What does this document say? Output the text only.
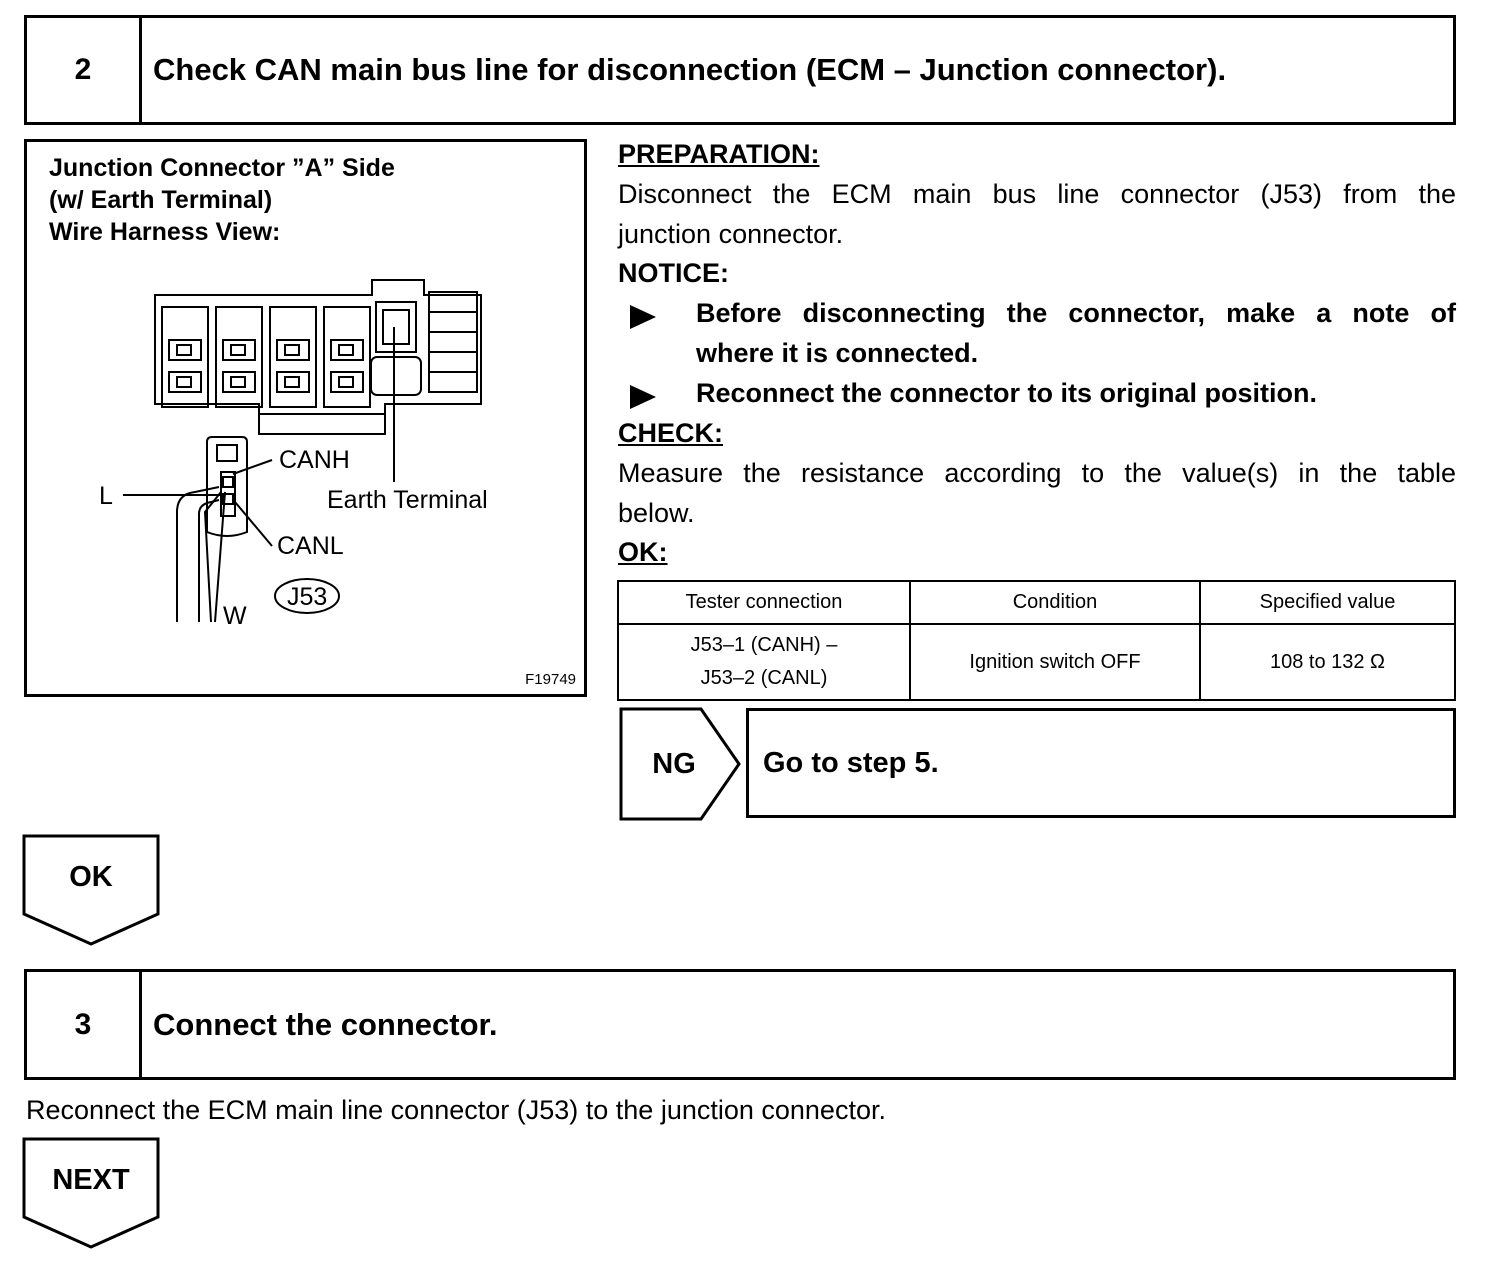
2	Check CAN main bus line for disconnection (ECM – Junction connector).
Junction Connector ”A” Side
(w/ Earth Terminal)
Wire Harness View:
CANH
Earth Terminal
L
CANL
W
J53
F19749
PREPARATION:
Disconnect the ECM main bus line connector (J53) from the
junction connector.
NOTICE:
Before disconnecting the connector, make a note of
where it is connected.
Reconnect the connector to its original position.
CHECK:
Measure the resistance according to the value(s) in the table
below.
OK:
Tester connection	Condition	Specified value

J53–1 (CANH) –
J53–2 (CANL)	Ignition switch OFF	108 to 132 Ω
NG	Go to step 5.
OK
3	Connect the connector.
Reconnect the ECM main line connector (J53) to the junction connector.
NEXT
